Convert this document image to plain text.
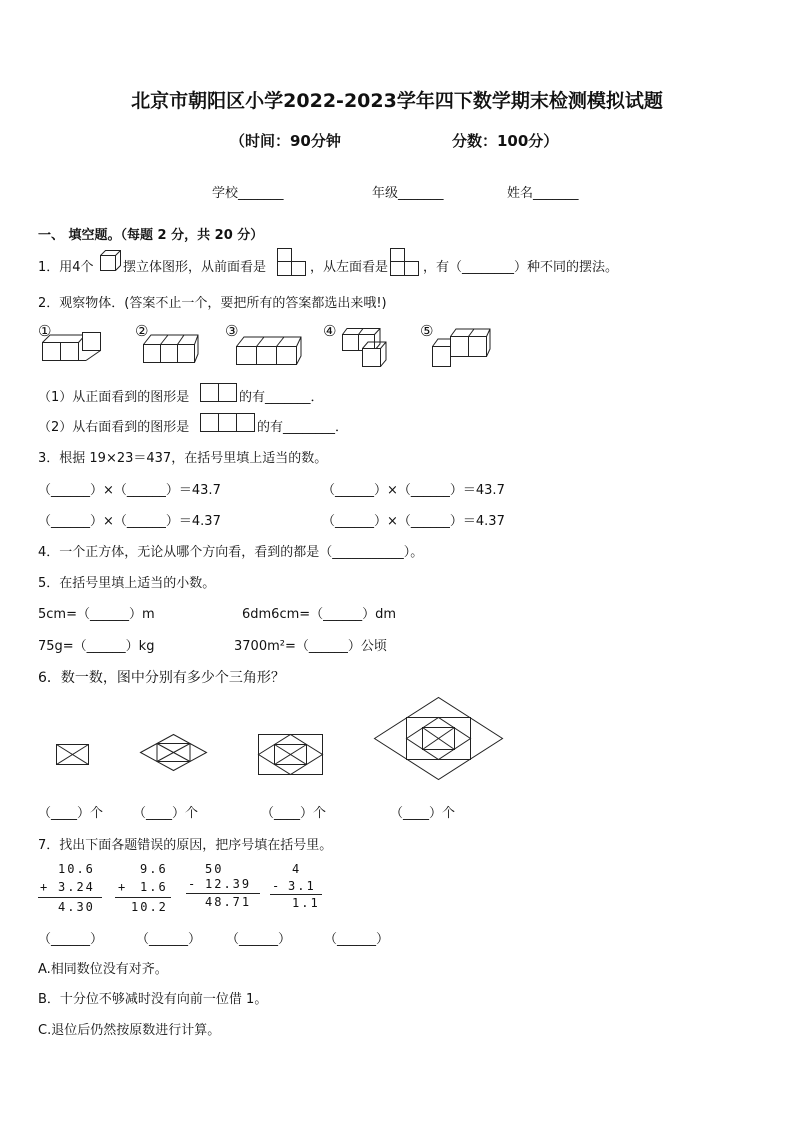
北京市朝阳区小学2022-2023学年四下数学期末检测模拟试题
（时间：90分钟	分数：100分）
学校_______	年级_______	姓名_______
一、 填空题。（每题 2 分，共 20 分）
1．用4个 摆立体图形，从前面看是	，从左面看是	，有（________）种不同的摆法。
2．观察物体．(答案不止一个，要把所有的答案都选出来哦!)
①	②	③	④	⑤
（1）从正面看到的图形是	的有_______．
（2）从右面看到的图形是	的有________．
3．根据 19×23＝437，在括号里填上适当的数。
（______）×（______）＝43.7	（______）×（______）＝43.7
（______）×（______）＝4.37	（______）×（______）＝4.37
4．一个正方体，无论从哪个方向看，看到的都是（___________）。
5．在括号里填上适当的小数。
5cm=（______）m	6dm6cm=（______）dm
75g=（______）kg	3700m²=（______）公顷
6．数一数，图中分别有多少个三角形？
（____）个 （____）个	（____）个	（____）个
7．找出下面各题错误的原因，把序号填在括号里。
10.6
+ 3.24
4.30
9.6
+ 1.6
10.2
50
- 12.39
48.71
4
- 3.1
1.1
（______）	（______） （______）	（______）
A.相同数位没有对齐。
B．十分位不够减时没有向前一位借 1。
C.退位后仍然按原数进行计算。
